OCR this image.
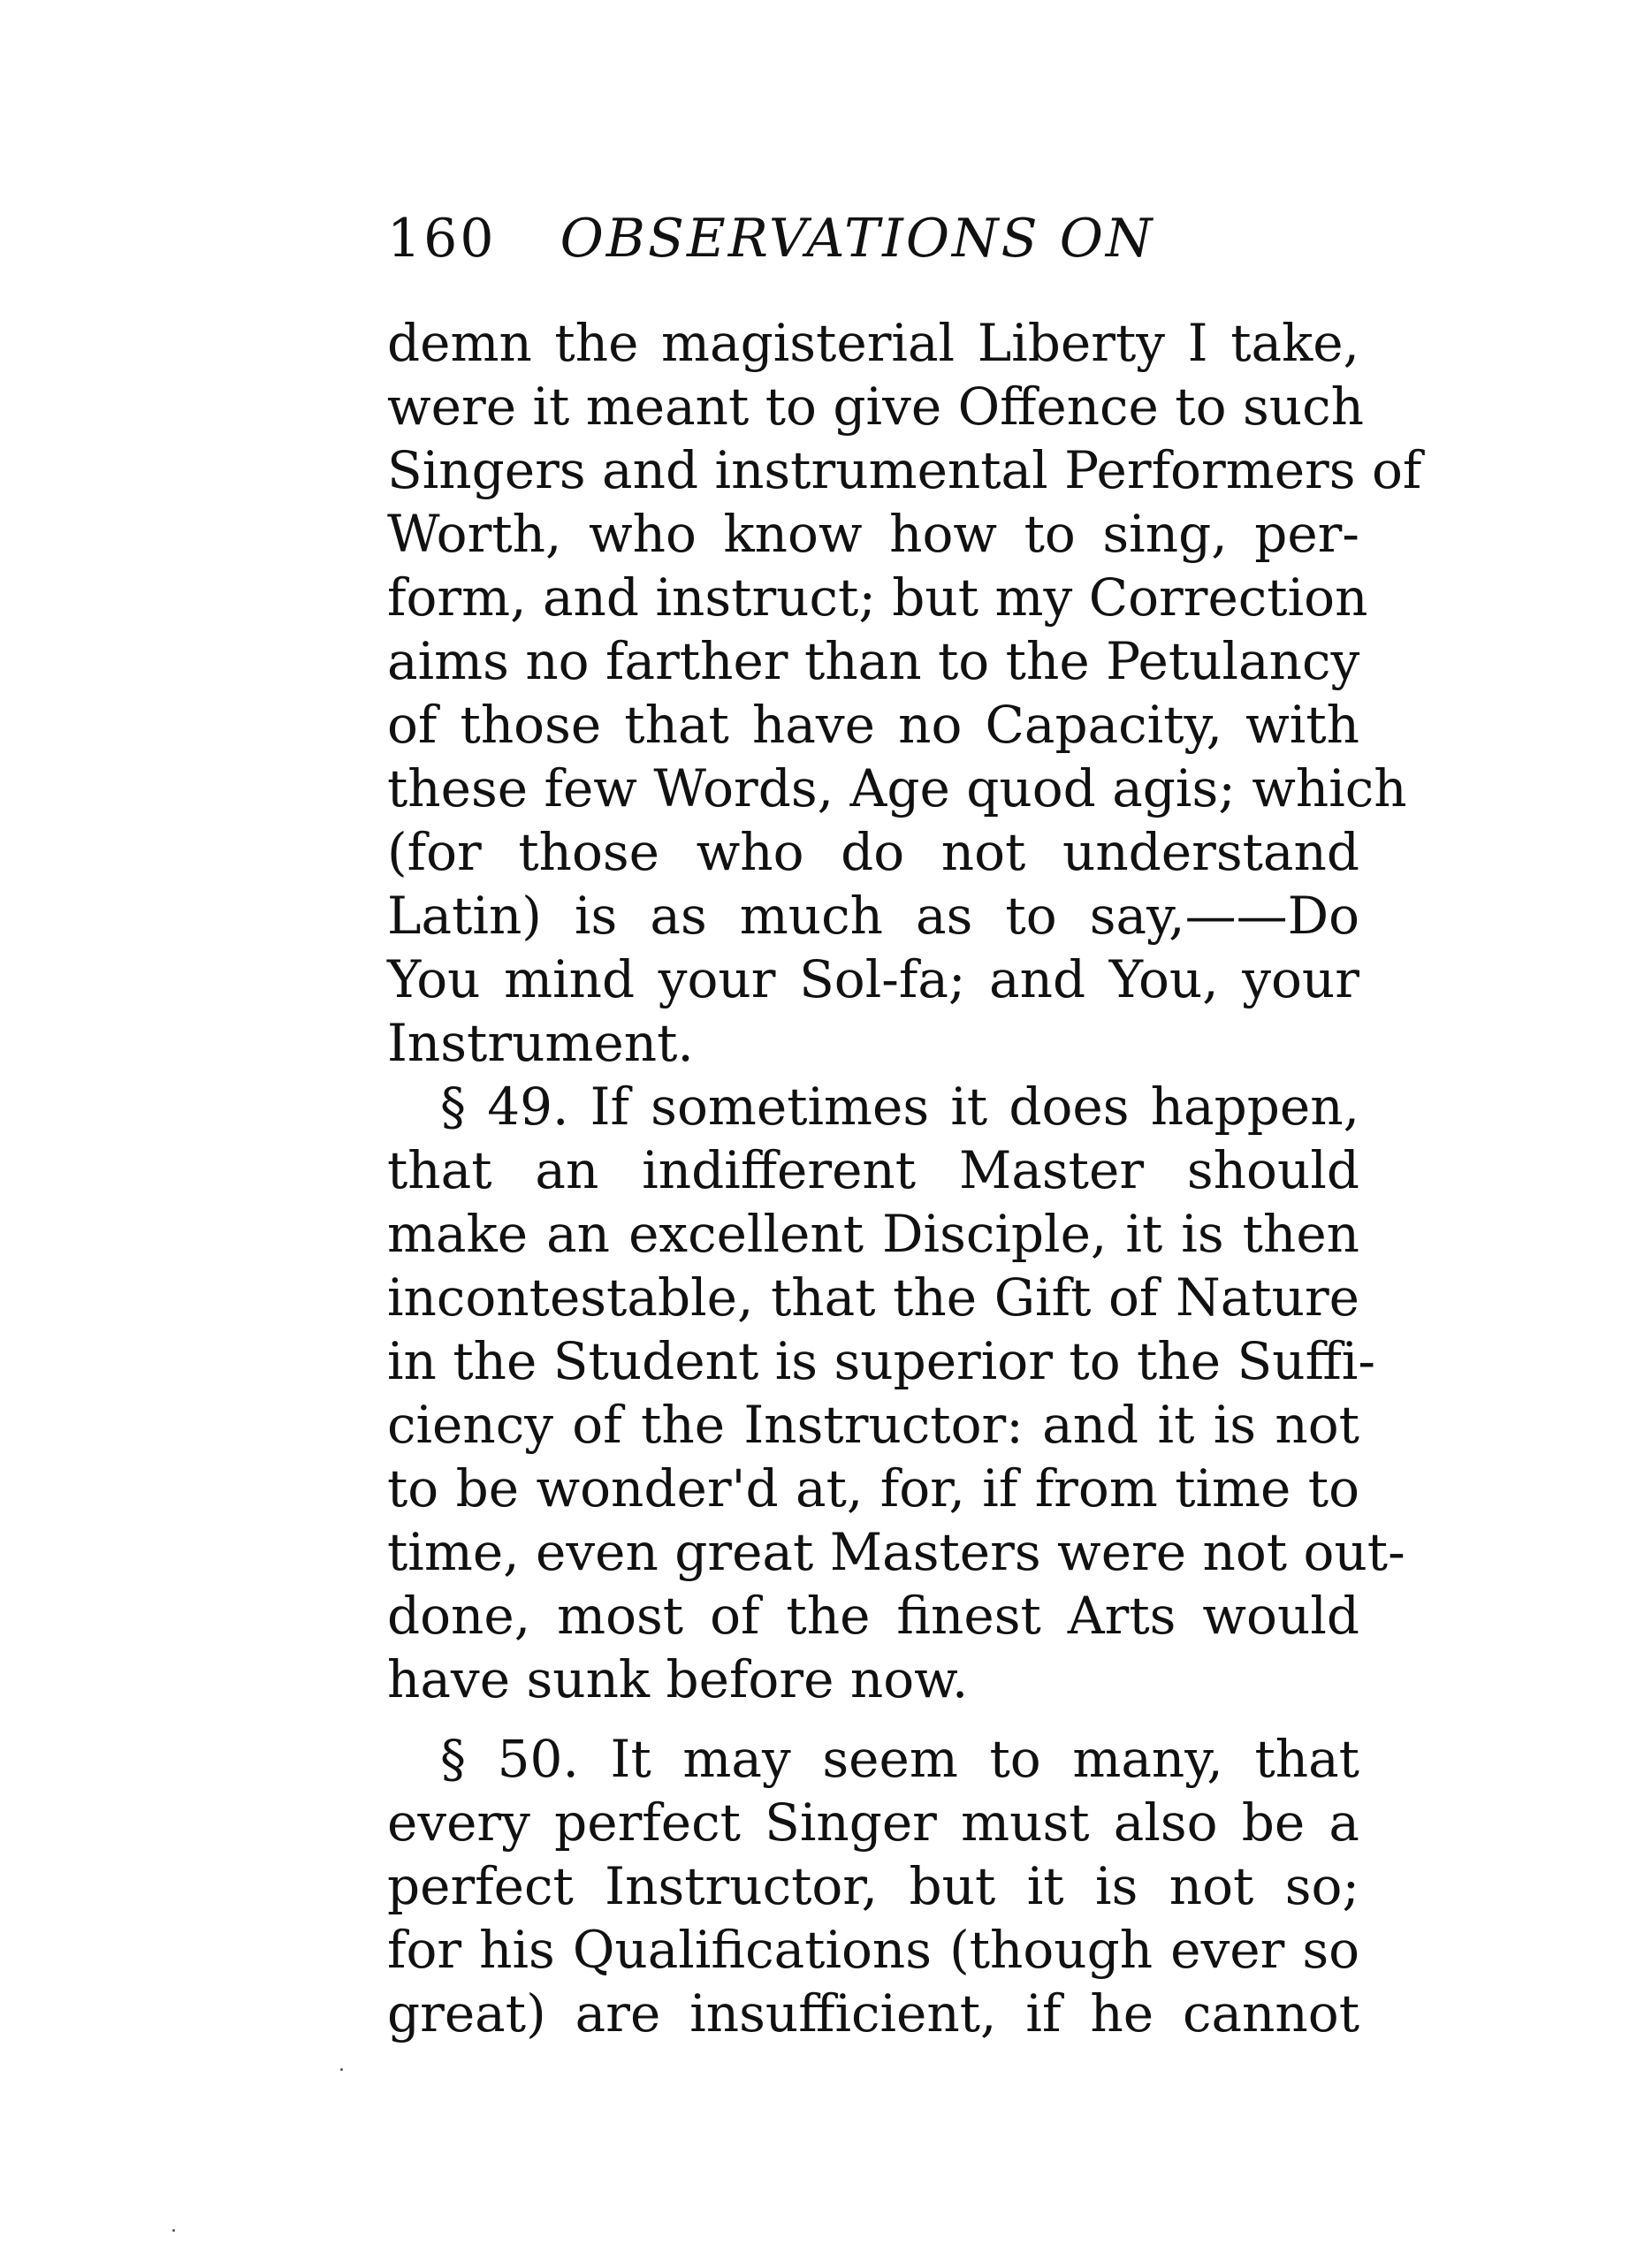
160 OBSERVATIONS ON
demn the magisterial Liberty I take,
were it meant to give Offence to such
Singers and instrumental Performers of
Worth, who know how to sing, per-
form, and instruct; but my Correction
aims no farther than to the Petulancy
of those that have no Capacity, with
these few Words, Age quod agis; which
(for those who do not understand
Latin) is as much as to say,——Do
You mind your Sol-fa; and You, your
Instrument.
§ 49. If sometimes it does happen,
that an indifferent Master should
make an excellent Disciple, it is then
incontestable, that the Gift of Nature
in the Student is superior to the Suffi-
ciency of the Instructor: and it is not
to be wonder'd at, for, if from time to
time, even great Masters were not out-
done, most of the finest Arts would
have sunk before now.
§ 50. It may seem to many, that
every perfect Singer must also be a
perfect Instructor, but it is not so;
for his Qualifications (though ever so
great) are insufficient, if he cannot
